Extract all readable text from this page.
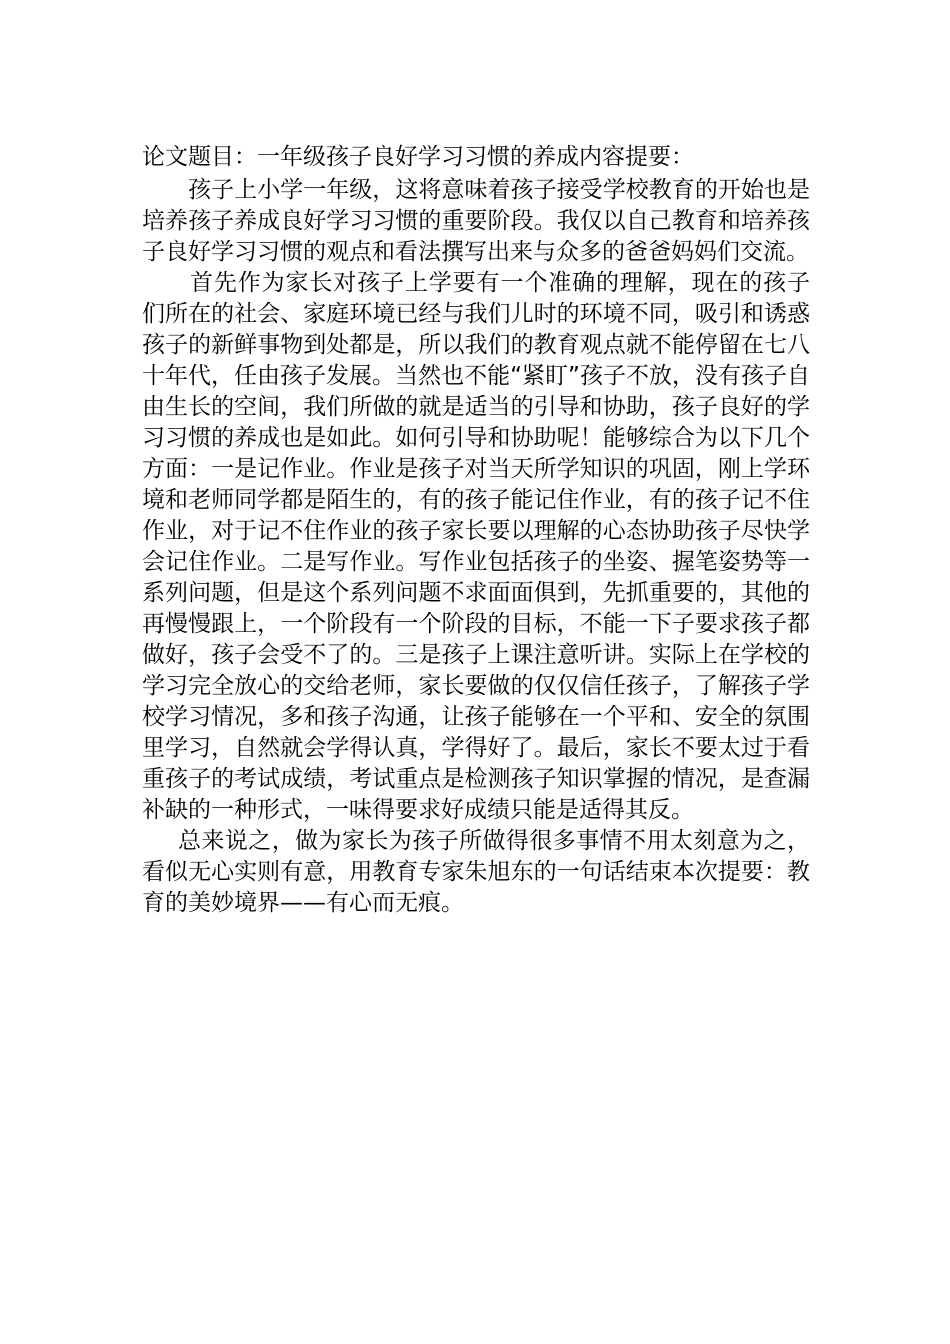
论文题目：一年级孩子良好学习习惯的养成内容提要：

孩子上小学一年级，这将意味着孩子接受学校教育的开始也是培养孩子养成良好学习习惯的重要阶段。我仅以自己教育和培养孩子良好学习习惯的观点和看法撰写出来与众多的爸爸妈妈们交流。

首先作为家长对孩子上学要有一个准确的理解，现在的孩子们所在的社会、家庭环境已经与我们儿时的环境不同，吸引和诱惑孩子的新鲜事物到处都是，所以我们的教育观点就不能停留在七八十年代，任由孩子发展。当然也不能“紧盯”孩子不放，没有孩子自由生长的空间，我们所做的就是适当的引导和协助，孩子良好的学习习惯的养成也是如此。如何引导和协助呢！能够综合为以下几个方面：一是记作业。作业是孩子对当天所学知识的巩固，刚上学环境和老师同学都是陌生的，有的孩子能记住作业，有的孩子记不住作业，对于记不住作业的孩子家长要以理解的心态协助孩子尽快学会记住作业。二是写作业。写作业包括孩子的坐姿、握笔姿势等一系列问题，但是这个系列问题不求面面俱到，先抓重要的，其他的再慢慢跟上，一个阶段有一个阶段的目标，不能一下子要求孩子都做好，孩子会受不了的。三是孩子上课注意听讲。实际上在学校的学习完全放心的交给老师，家长要做的仅仅信任孩子，了解孩子学校学习情况，多和孩子沟通，让孩子能够在一个平和、安全的氛围里学习，自然就会学得认真，学得好了。最后，家长不要太过于看重孩子的考试成绩，考试重点是检测孩子知识掌握的情况，是查漏补缺的一种形式，一味得要求好成绩只能是适得其反。

总来说之，做为家长为孩子所做得很多事情不用太刻意为之，看似无心实则有意，用教育专家朱旭东的一句话结束本次提要：教育的美妙境界——有心而无痕。
